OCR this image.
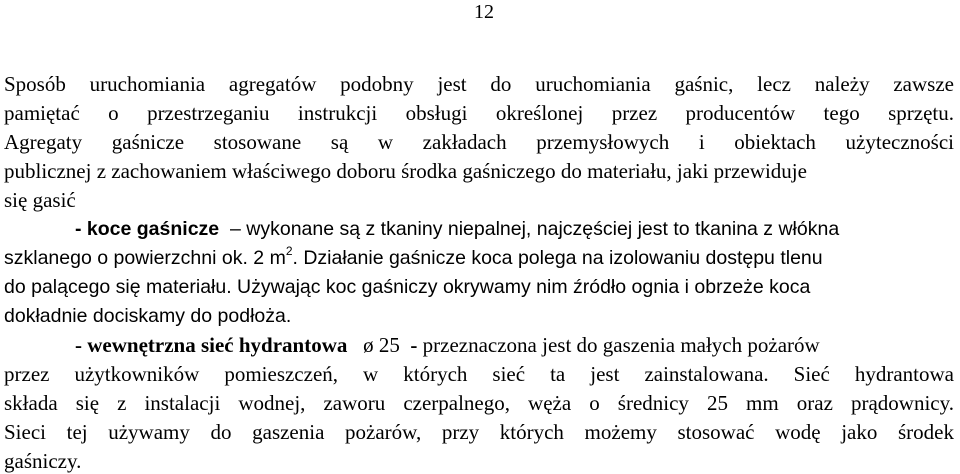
12
Sposób uruchomiania agregatów podobny jest do uruchomiania gaśnic, lecz należy zawsze
pamiętać o przestrzeganiu instrukcji obsługi określonej przez producentów tego sprzętu.
Agregaty gaśnicze stosowane są w zakładach przemysłowych i obiektach użyteczności
publicznej z zachowaniem właściwego doboru środka gaśniczego do materiału, jaki przewiduje
się gasić
- koce gaśnicze – wykonane są z tkaniny niepalnej, najczęściej jest to tkanina z włókna
szklanego o powierzchni ok. 2 $m^2$. Działanie gaśnicze koca polega na izolowaniu dostępu tlenu
do palącego się materiału. Używając koc gaśniczy okrywamy nim źródło ognia i obrzeże koca
dokładnie dociskamy do podłoża.
- wewnętrzna sieć hydrantowa ø 25 - przeznaczona jest do gaszenia małych pożarów
przez użytkowników pomieszczeń, w których sieć ta jest zainstalowana. Sieć hydrantowa
składa się z instalacji wodnej, zaworu czerpalnego, węża o średnicy 25 mm oraz prądownicy.
Sieci tej używamy do gaszenia pożarów, przy których możemy stosować wodę jako środek
gaśniczy.
